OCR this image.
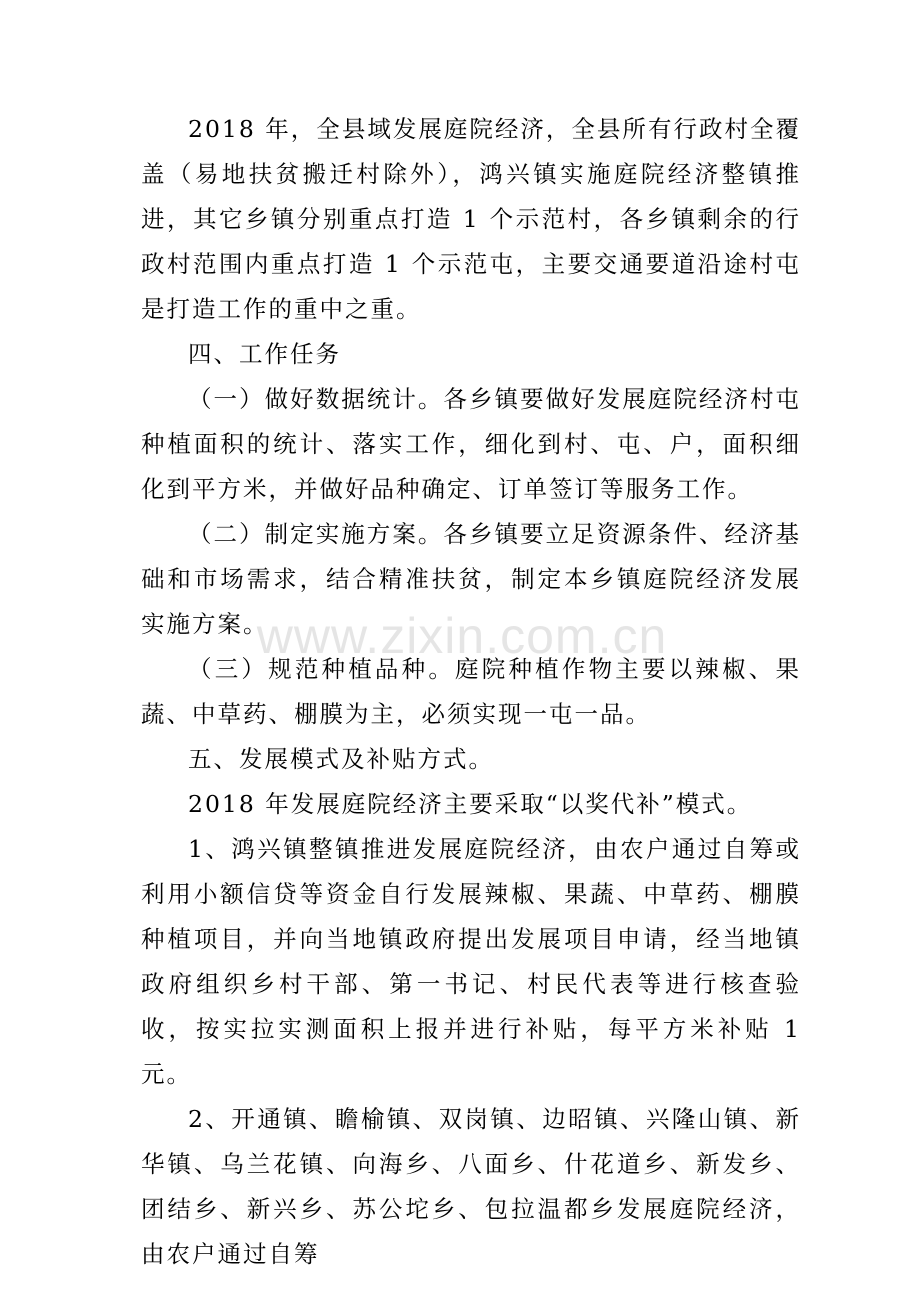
2018 年，全县域发展庭院经济，全县所有行政村全覆盖（易地扶贫搬迁村除外），鸿兴镇实施庭院经济整镇推进，其它乡镇分别重点打造 1 个示范村，各乡镇剩余的行政村范围内重点打造 1 个示范屯，主要交通要道沿途村屯是打造工作的重中之重。

四、工作任务

（一）做好数据统计。各乡镇要做好发展庭院经济村屯种植面积的统计、落实工作，细化到村、屯、户，面积细化到平方米，并做好品种确定、订单签订等服务工作。

（二）制定实施方案。各乡镇要立足资源条件、经济基础和市场需求，结合精准扶贫，制定本乡镇庭院经济发展实施方案。

（三）规范种植品种。庭院种植作物主要以辣椒、果蔬、中草药、棚膜为主，必须实现一屯一品。

五、发展模式及补贴方式。

2018 年发展庭院经济主要采取“以奖代补”模式。

1、鸿兴镇整镇推进发展庭院经济，由农户通过自筹或利用小额信贷等资金自行发展辣椒、果蔬、中草药、棚膜种植项目，并向当地镇政府提出发展项目申请，经当地镇政府组织乡村干部、第一书记、村民代表等进行核查验收，按实拉实测面积上报并进行补贴，每平方米补贴 1 元。

2、开通镇、瞻榆镇、双岗镇、边昭镇、兴隆山镇、新华镇、乌兰花镇、向海乡、八面乡、什花道乡、新发乡、团结乡、新兴乡、苏公坨乡、包拉温都乡发展庭院经济，由农户通过自筹

www.zixin.com.cn
